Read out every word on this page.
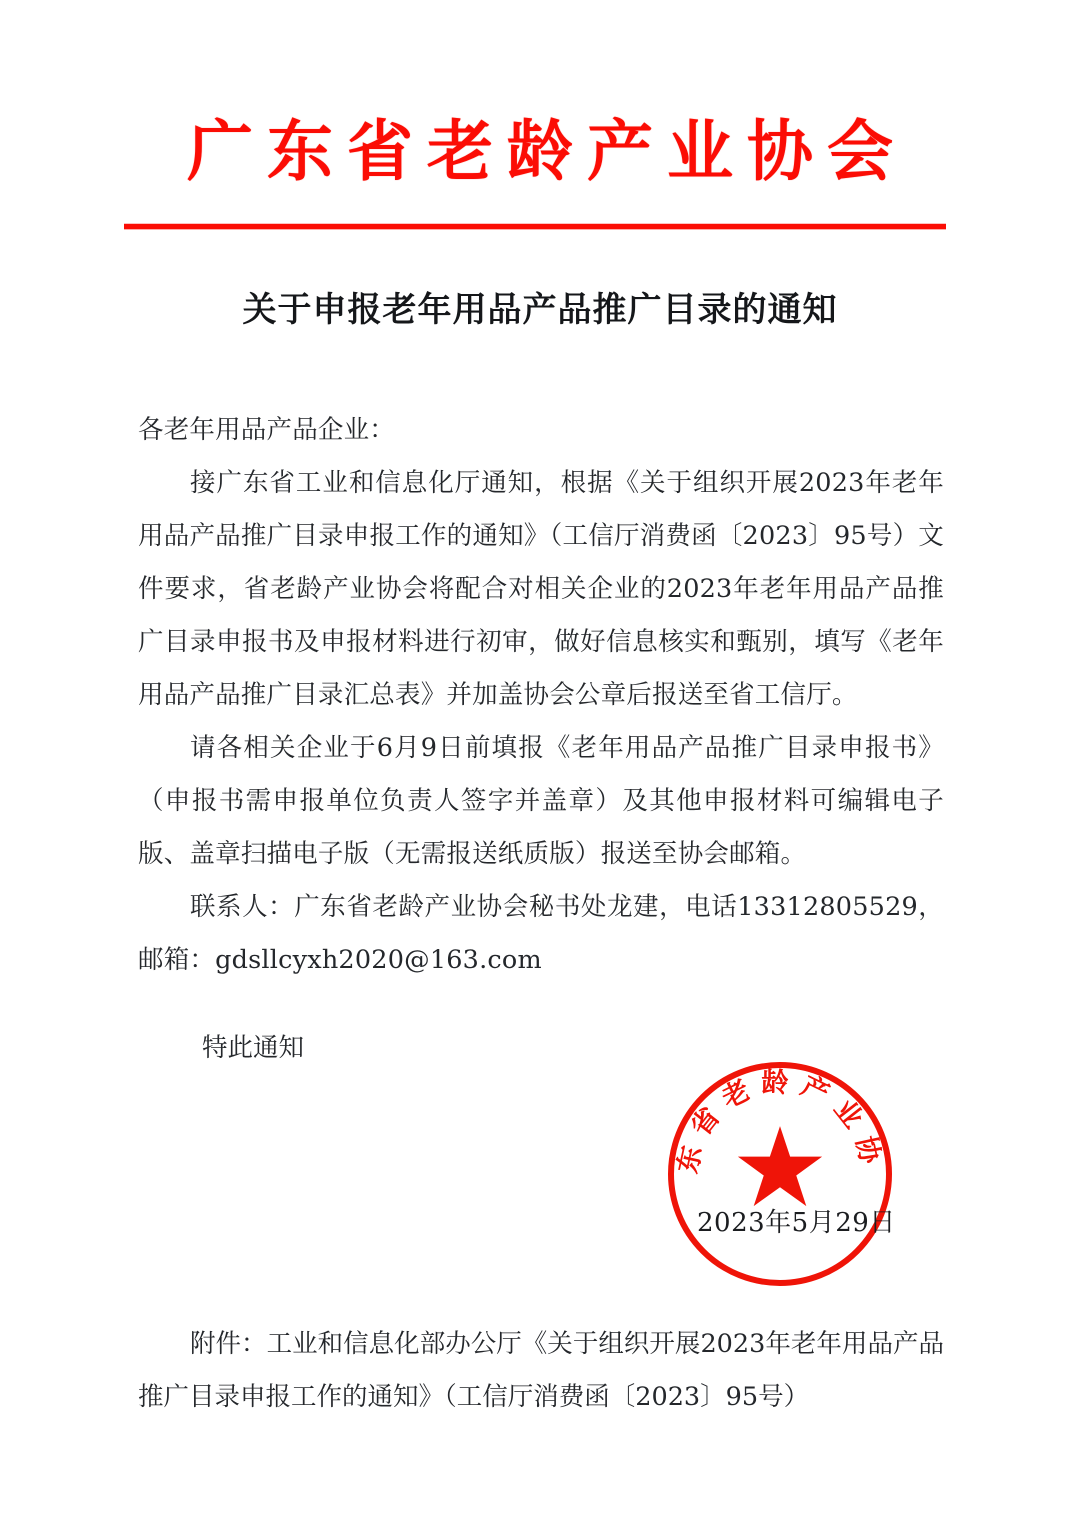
广东省老龄产业协会
关于申报老年用品产品推广目录的通知

各老年用品产品企业：

接广东省工业和信息化厅通知，根据《关于组织开展2023年老年用品产品推广目录申报工作的通知》（工信厅消费函〔2023〕95号）文件要求，省老龄产业协会将配合对相关企业的2023年老年用品产品推广目录申报书及申报材料进行初审，做好信息核实和甄别，填写《老年用品产品推广目录汇总表》并加盖协会公章后报送至省工信厅。

请各相关企业于6月9日前填报《老年用品产品推广目录申报书》（申报书需申报单位负责人签字并盖章）及其他申报材料可编辑电子版、盖章扫描电子版（无需报送纸质版）报送至协会邮箱。

联系人：广东省老龄产业协会秘书处龙建，电话13312805529，邮箱：gdsllcyxh2020@163.com

特此通知	广东省老龄产业协会
2023年5月29日
附件：工业和信息化部办公厅《关于组织开展2023年老年用品产品推广目录申报工作的通知》（工信厅消费函〔2023〕95号）
